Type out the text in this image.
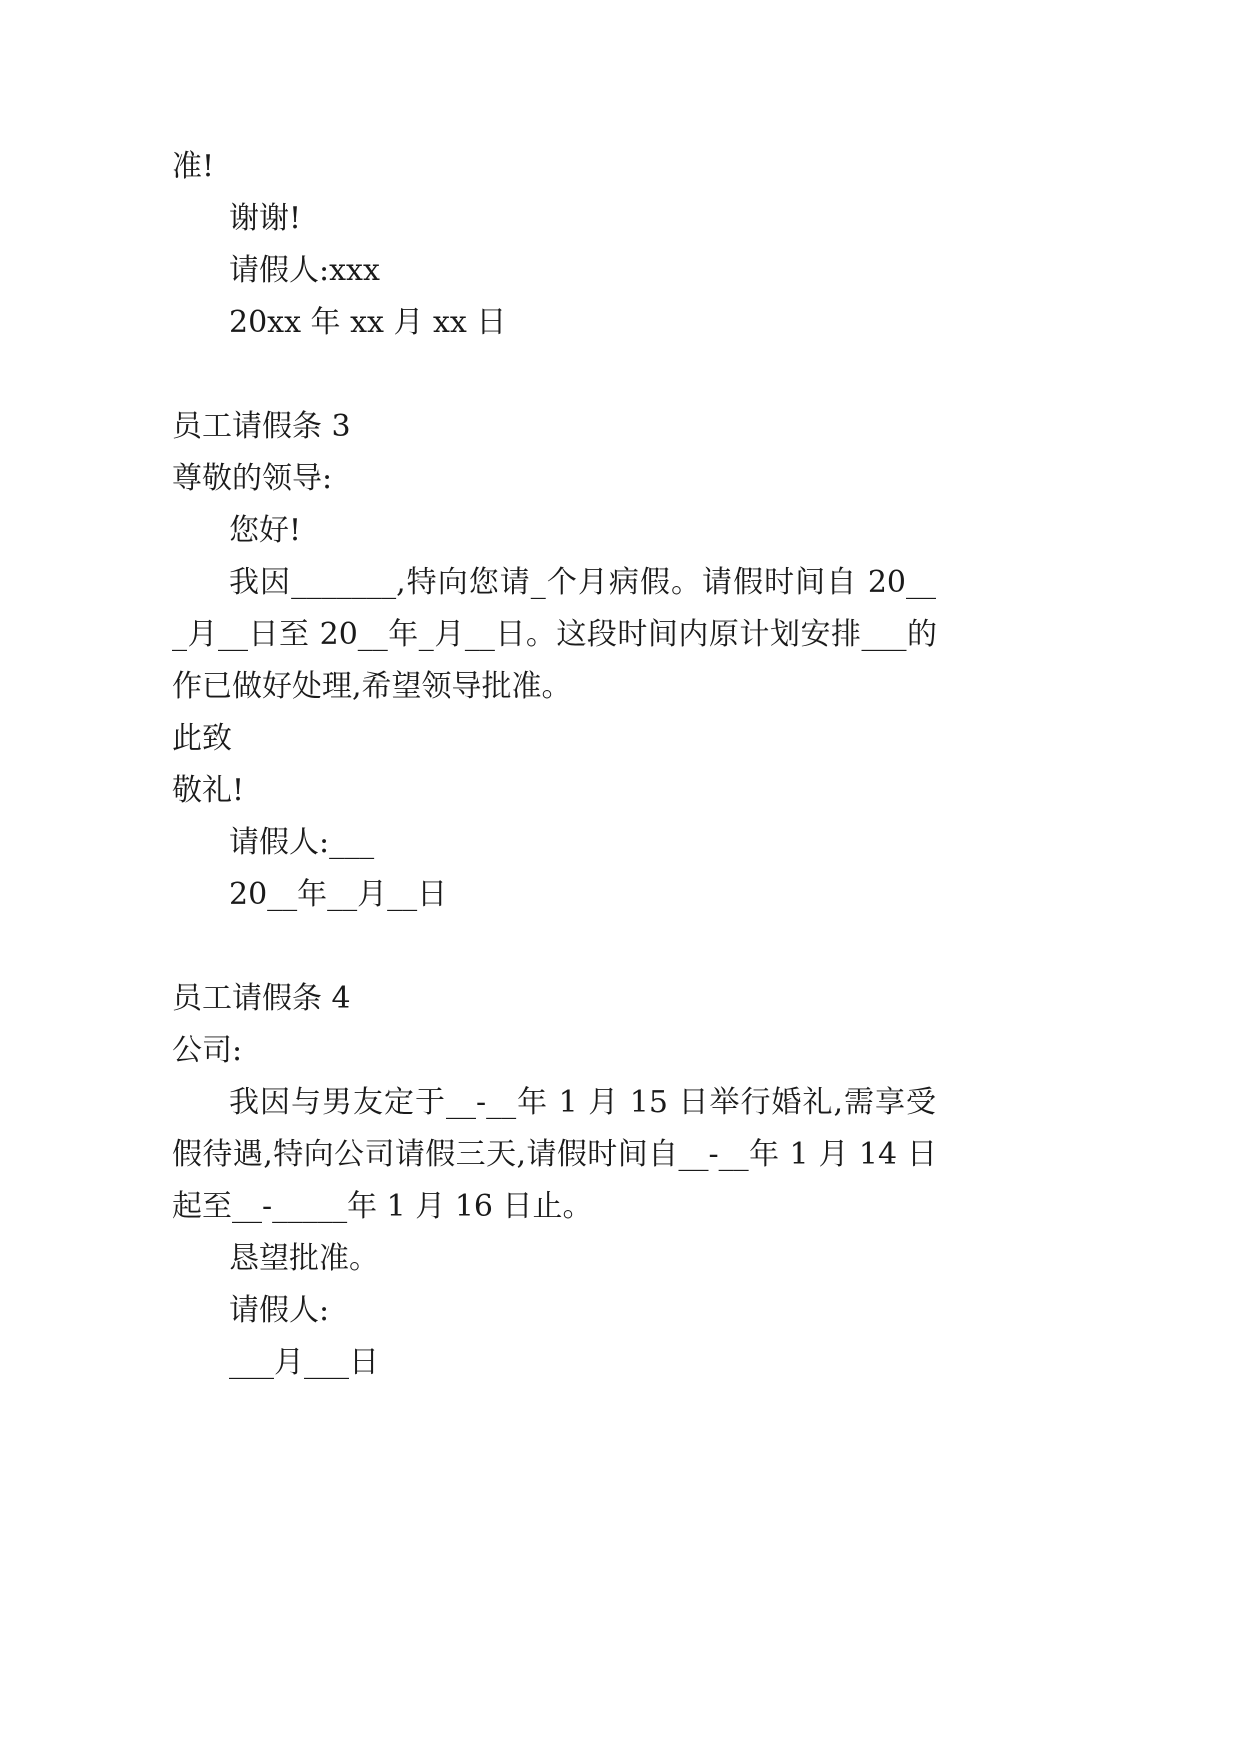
准!
谢谢!
请假人:xxx
20xx 年 xx 月 xx 日
员工请假条 3
尊敬的领导:
您好!
我因_______,特向您请_个月病假。请假时间自 20__
_月__日至 20__年_月__日。这段时间内原计划安排___的
作已做好处理,希望领导批准。
此致
敬礼!
请假人:___
20__年__月__日
员工请假条 4
公司:
我因与男友定于__-__年 1 月 15 日举行婚礼,需享受
假待遇,特向公司请假三天,请假时间自__-__年 1 月 14 日
起至__-_____年 1 月 16 日止。
恳望批准。
请假人:
___月___日
